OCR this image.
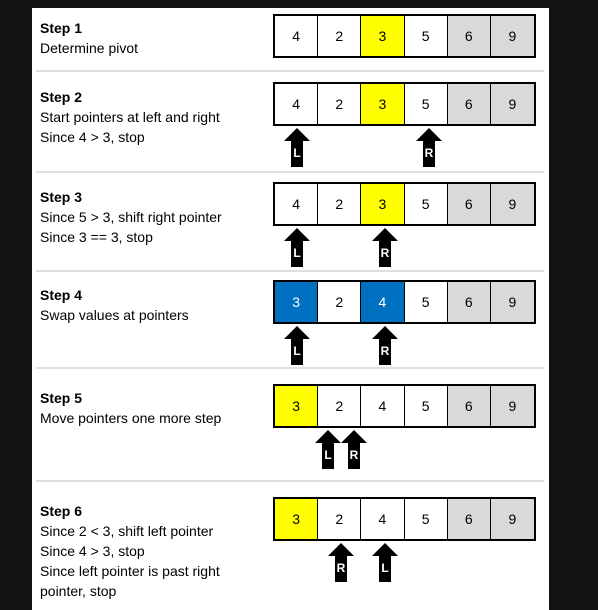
Step 1
Determine pivot
4	2	3	5	6	9
Step 2
Start pointers at left and right
Since 4 > 3, stop
4	2	3	5	6	9
L	R
Step 3
Since 5 > 3, shift right pointer
Since 3 == 3, stop
4	2	3	5	6	9
L	R
Step 4
Swap values at pointers
3	2	4	5	6	9
L	R
Step 5
Move pointers one more step
3	2	4	5	6	9
L	R
Step 6
Since 2 < 3, shift left pointer
Since 4 > 3, stop
Since left pointer is past right
pointer, stop
3	2	4	5	6	9
R	L
